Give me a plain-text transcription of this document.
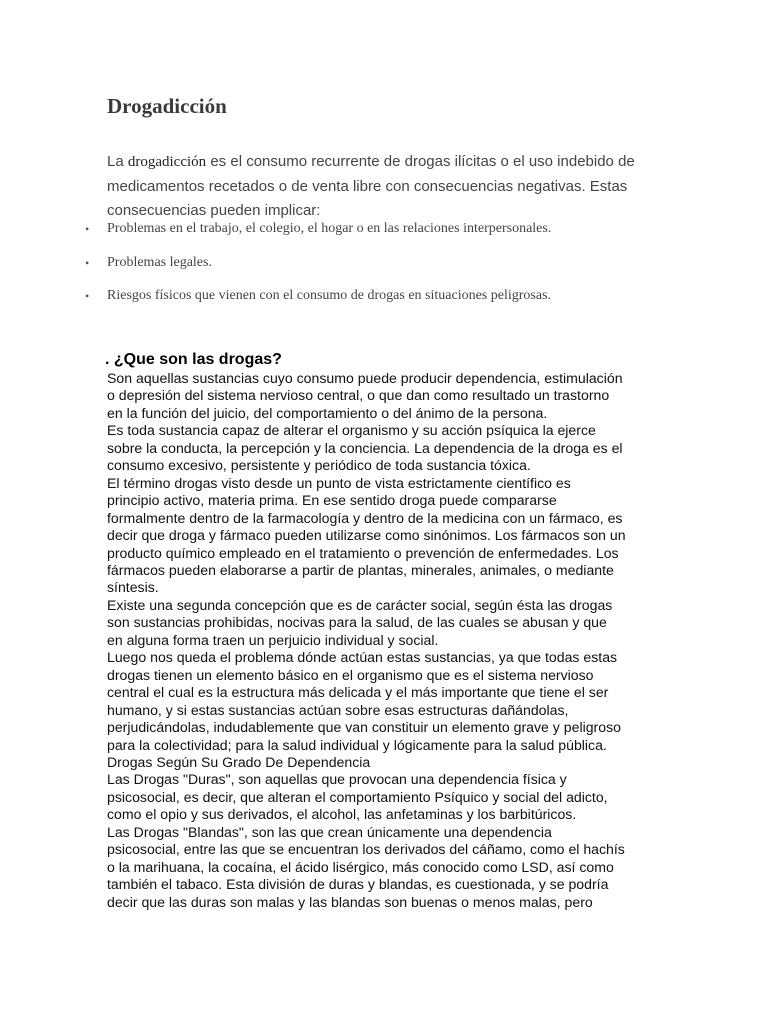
Drogadicción

La drogadicción es el consumo recurrente de drogas ilícitas o el uso indebido de
medicamentos recetados o de venta libre con consecuencias negativas. Estas
consecuencias pueden implicar:

• Problemas en el trabajo, el colegio, el hogar o en las relaciones interpersonales.
• Problemas legales.
• Riesgos físicos que vienen con el consumo de drogas en situaciones peligrosas.
. ¿Que son las drogas?
Son aquellas sustancias cuyo consumo puede producir dependencia, estimulación
o depresión del sistema nervioso central, o que dan como resultado un trastorno
en la función del juicio, del comportamiento o del ánimo de la persona.
Es toda sustancia capaz de alterar el organismo y su acción psíquica la ejerce
sobre la conducta, la percepción y la conciencia. La dependencia de la droga es el
consumo excesivo, persistente y periódico de toda sustancia tóxica.
El término drogas visto desde un punto de vista estrictamente científico es
principio activo, materia prima. En ese sentido droga puede compararse
formalmente dentro de la farmacología y dentro de la medicina con un fármaco, es
decir que droga y fármaco pueden utilizarse como sinónimos. Los fármacos son un
producto químico empleado en el tratamiento o prevención de enfermedades. Los
fármacos pueden elaborarse a partir de plantas, minerales, animales, o mediante
síntesis.
Existe una segunda concepción que es de carácter social, según ésta las drogas
son sustancias prohibidas, nocivas para la salud, de las cuales se abusan y que
en alguna forma traen un perjuicio individual y social.
Luego nos queda el problema dónde actúan estas sustancias, ya que todas estas
drogas tienen un elemento básico en el organismo que es el sistema nervioso
central el cual es la estructura más delicada y el más importante que tiene el ser
humano, y si estas sustancias actúan sobre esas estructuras dañándolas,
perjudicándolas, indudablemente que van constituir un elemento grave y peligroso
para la colectividad; para la salud individual y lógicamente para la salud pública.
Drogas Según Su Grado De Dependencia
Las Drogas "Duras", son aquellas que provocan una dependencia física y
psicosocial, es decir, que alteran el comportamiento Psíquico y social del adicto,
como el opio y sus derivados, el alcohol, las anfetaminas y los barbitúricos.
Las Drogas "Blandas", son las que crean únicamente una dependencia
psicosocial, entre las que se encuentran los derivados del cáñamo, como el hachís
o la marihuana, la cocaína, el ácido lisérgico, más conocido como LSD, así como
también el tabaco. Esta división de duras y blandas, es cuestionada, y se podría
decir que las duras son malas y las blandas son buenas o menos malas, pero
